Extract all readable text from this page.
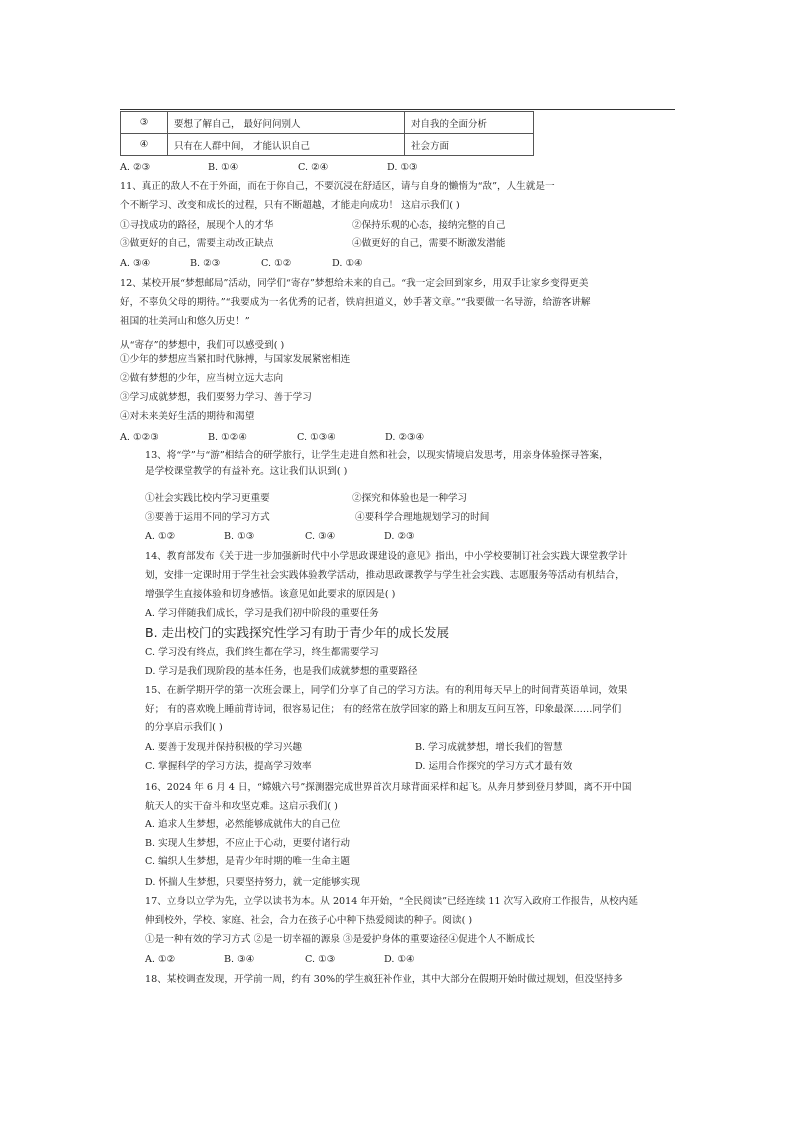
③	要想了解自己， 最好问问别人	对自我的全面分析
④	只有在人群中间， 才能认识自己	社会方面
A. ②③	B. ①④	C. ②④	D. ①③
11、真正的敌人不在于外面，而在于你自己，不要沉浸在舒适区，请与自身的懒惰为“敌”，人生就是一
个不断学习、改变和成长的过程，只有不断超越，才能走向成功！ 这启示我们( )
①寻找成功的路径，展现个人的才华	②保持乐观的心态，接纳完整的自己
③做更好的自己，需要主动改正缺点	④做更好的自己，需要不断激发潜能
A. ③④	B. ②③	C. ①②	D. ①④
12、某校开展“梦想邮局”活动，同学们“寄存”梦想给未来的自己。“我一定会回到家乡，用双手让家乡变得更美
好，不辜负父母的期待。”“我要成为一名优秀的记者，铁肩担道义，妙手著文章。”“我要做一名导游，给游客讲解
祖国的壮美河山和悠久历史！”
从“寄存”的梦想中，我们可以感受到( )
①少年的梦想应当紧扣时代脉搏，与国家发展紧密相连
②做有梦想的少年，应当树立远大志向
③学习成就梦想，我们要努力学习、善于学习
④对未来美好生活的期待和渴望
A. ①②③	B. ①②④	C. ①③④	D. ②③④
13、将“学”与“游”相结合的研学旅行，让学生走进自然和社会，以现实情境启发思考，用亲身体验探寻答案，
是学校课堂教学的有益补充。这让我们认识到( )
①社会实践比校内学习更重要	②探究和体验也是一种学习
③要善于运用不同的学习方式	④要科学合理地规划学习的时间
A. ①②	B. ①③	C. ③④	D. ②③
14、教育部发布《关于进一步加强新时代中小学思政课建设的意见》指出，中小学校要制订社会实践大课堂教学计
划，安排一定课时用于学生社会实践体验教学活动，推动思政课教学与学生社会实践、志愿服务等活动有机结合，
增强学生直接体验和切身感悟。该意见如此要求的原因是( )
A. 学习伴随我们成长，学习是我们初中阶段的重要任务
B. 走出校门的实践探究性学习有助于青少年的成长发展
C. 学习没有终点，我们终生都在学习，终生都需要学习
D. 学习是我们现阶段的基本任务，也是我们成就梦想的重要路径
15、在新学期开学的第一次班会课上，同学们分享了自己的学习方法。有的利用每天早上的时间背英语单词，效果
好； 有的喜欢晚上睡前背诗词，很容易记住； 有的经常在放学回家的路上和朋友互问互答，印象最深……同学们
的分享启示我们( )
A. 要善于发现并保持积极的学习兴趣	B. 学习成就梦想，增长我们的智慧
C. 掌握科学的学习方法，提高学习效率	D. 运用合作探究的学习方式才最有效
16、2024 年 6 月 4 日，“嫦娥六号”探测器完成世界首次月球背面采样和起飞。从奔月梦到登月梦圆，离不开中国
航天人的实干奋斗和攻坚克难。这启示我们( )
A. 追求人生梦想，必然能够成就伟大的自己位
B. 实现人生梦想，不应止于心动，更要付诸行动
C. 编织人生梦想，是青少年时期的唯一生命主题
D. 怀揣人生梦想，只要坚持努力，就一定能够实现
17、立身以立学为先，立学以读书为本。从 2014 年开始，“全民阅读”已经连续 11 次写入政府工作报告，从校内延
伸到校外，学校、家庭、社会，合力在孩子心中种下热爱阅读的种子。阅读( )
①是一种有效的学习方式 ②是一切幸福的源泉 ③是爱护身体的重要途径④促进个人不断成长
A. ①②	B. ③④	C. ①③	D. ①④
18、某校调查发现，开学前一周，约有 30%的学生疯狂补作业，其中大部分在假期开始时做过规划，但没坚持多
